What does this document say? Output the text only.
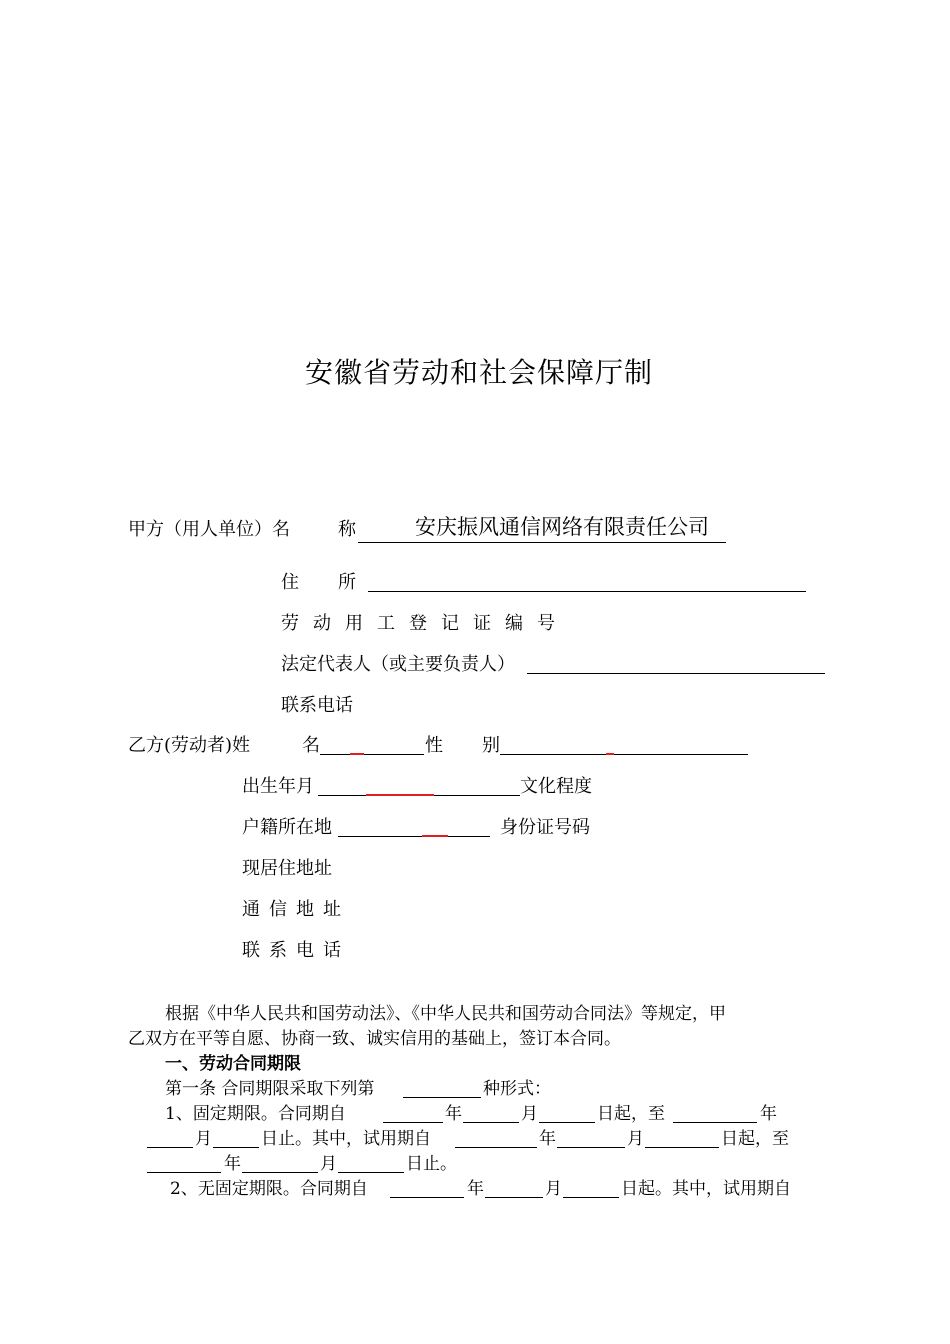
安徽省劳动和社会保障厅制
甲方（用人单位）名	称	安庆振风通信网络有限责任公司
住 所
劳动用工登记证编号
法定代表人（或主要负责人）
联系电话
乙方(劳动者)姓	名	性 别
出生年月	文化程度
户籍所在地	身份证号码
现居住地址
通信地址
联系电话
根据《中华人民共和国劳动法》、《中华人民共和国劳动合同法》等规定，甲
乙双方在平等自愿、协商一致、诚实信用的基础上，签订本合同。
一、劳动合同期限
第一条 合同期限采取下列第	种形式：
1、固定期限。合同期自	年	月	日起，至	年
月	日止。其中，试用期自	年	月	日起，至
年	月	日止。
2、无固定期限。合同期自	年	月	日起。其中，试用期自
